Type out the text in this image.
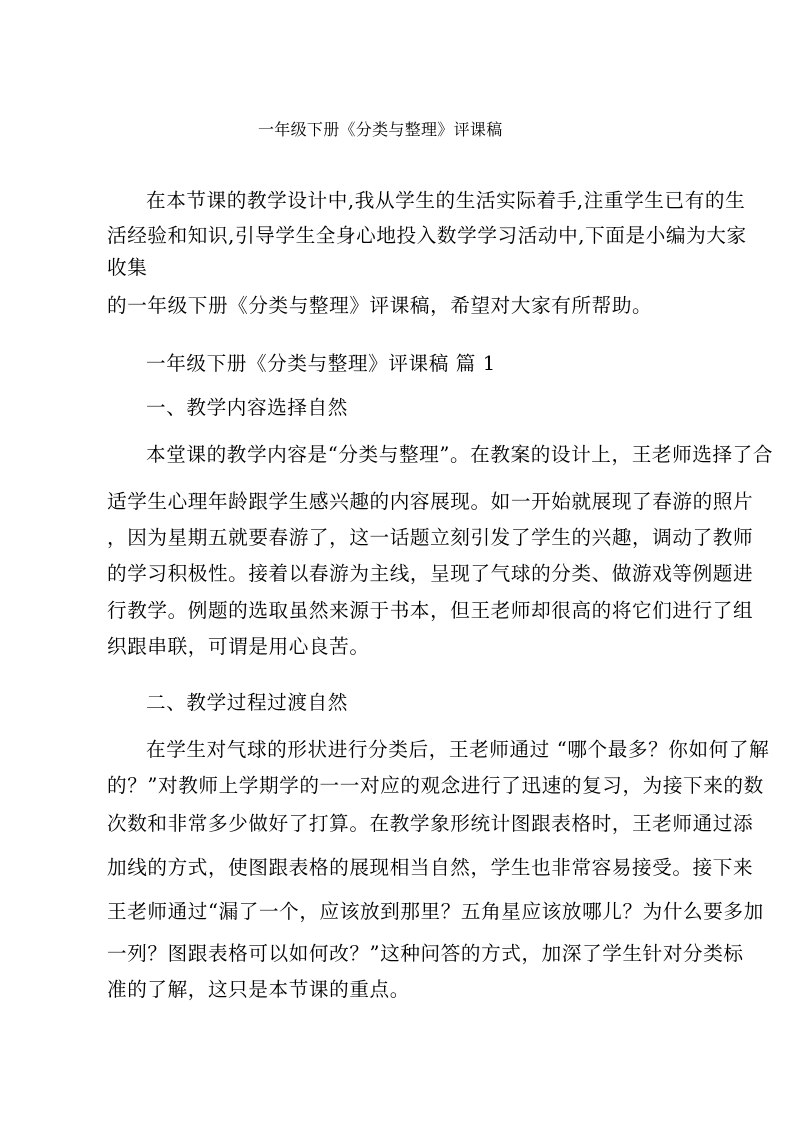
一年级下册《分类与整理》评课稿
在本节课的教学设计中,我从学生的生活实际着手,注重学生已有的生
活经验和知识,引导学生全身心地投入数学学习活动中,下面是小编为大家
收集
的一年级下册《分类与整理》评课稿，希望对大家有所帮助。
一年级下册《分类与整理》评课稿 篇 1
一、教学内容选择自然
本堂课的教学内容是“分类与整理”。在教案的设计上，王老师选择了合
适学生心理年龄跟学生感兴趣的内容展现。如一开始就展现了春游的照片
，因为星期五就要春游了，这一话题立刻引发了学生的兴趣，调动了教师
的学习积极性。接着以春游为主线，呈现了气球的分类、做游戏等例题进
行教学。例题的选取虽然来源于书本，但王老师却很高的将它们进行了组
织跟串联，可谓是用心良苦。
二、教学过程过渡自然
在学生对气球的形状进行分类后，王老师通过 “哪个最多？你如何了解
的？”对教师上学期学的一一对应的观念进行了迅速的复习，为接下来的数
次数和非常多少做好了打算。在教学象形统计图跟表格时，王老师通过添
加线的方式，使图跟表格的展现相当自然，学生也非常容易接受。接下来
王老师通过“漏了一个，应该放到那里？五角星应该放哪儿？为什么要多加
一列？图跟表格可以如何改？”这种问答的方式，加深了学生针对分类标
准的了解，这只是本节课的重点。
